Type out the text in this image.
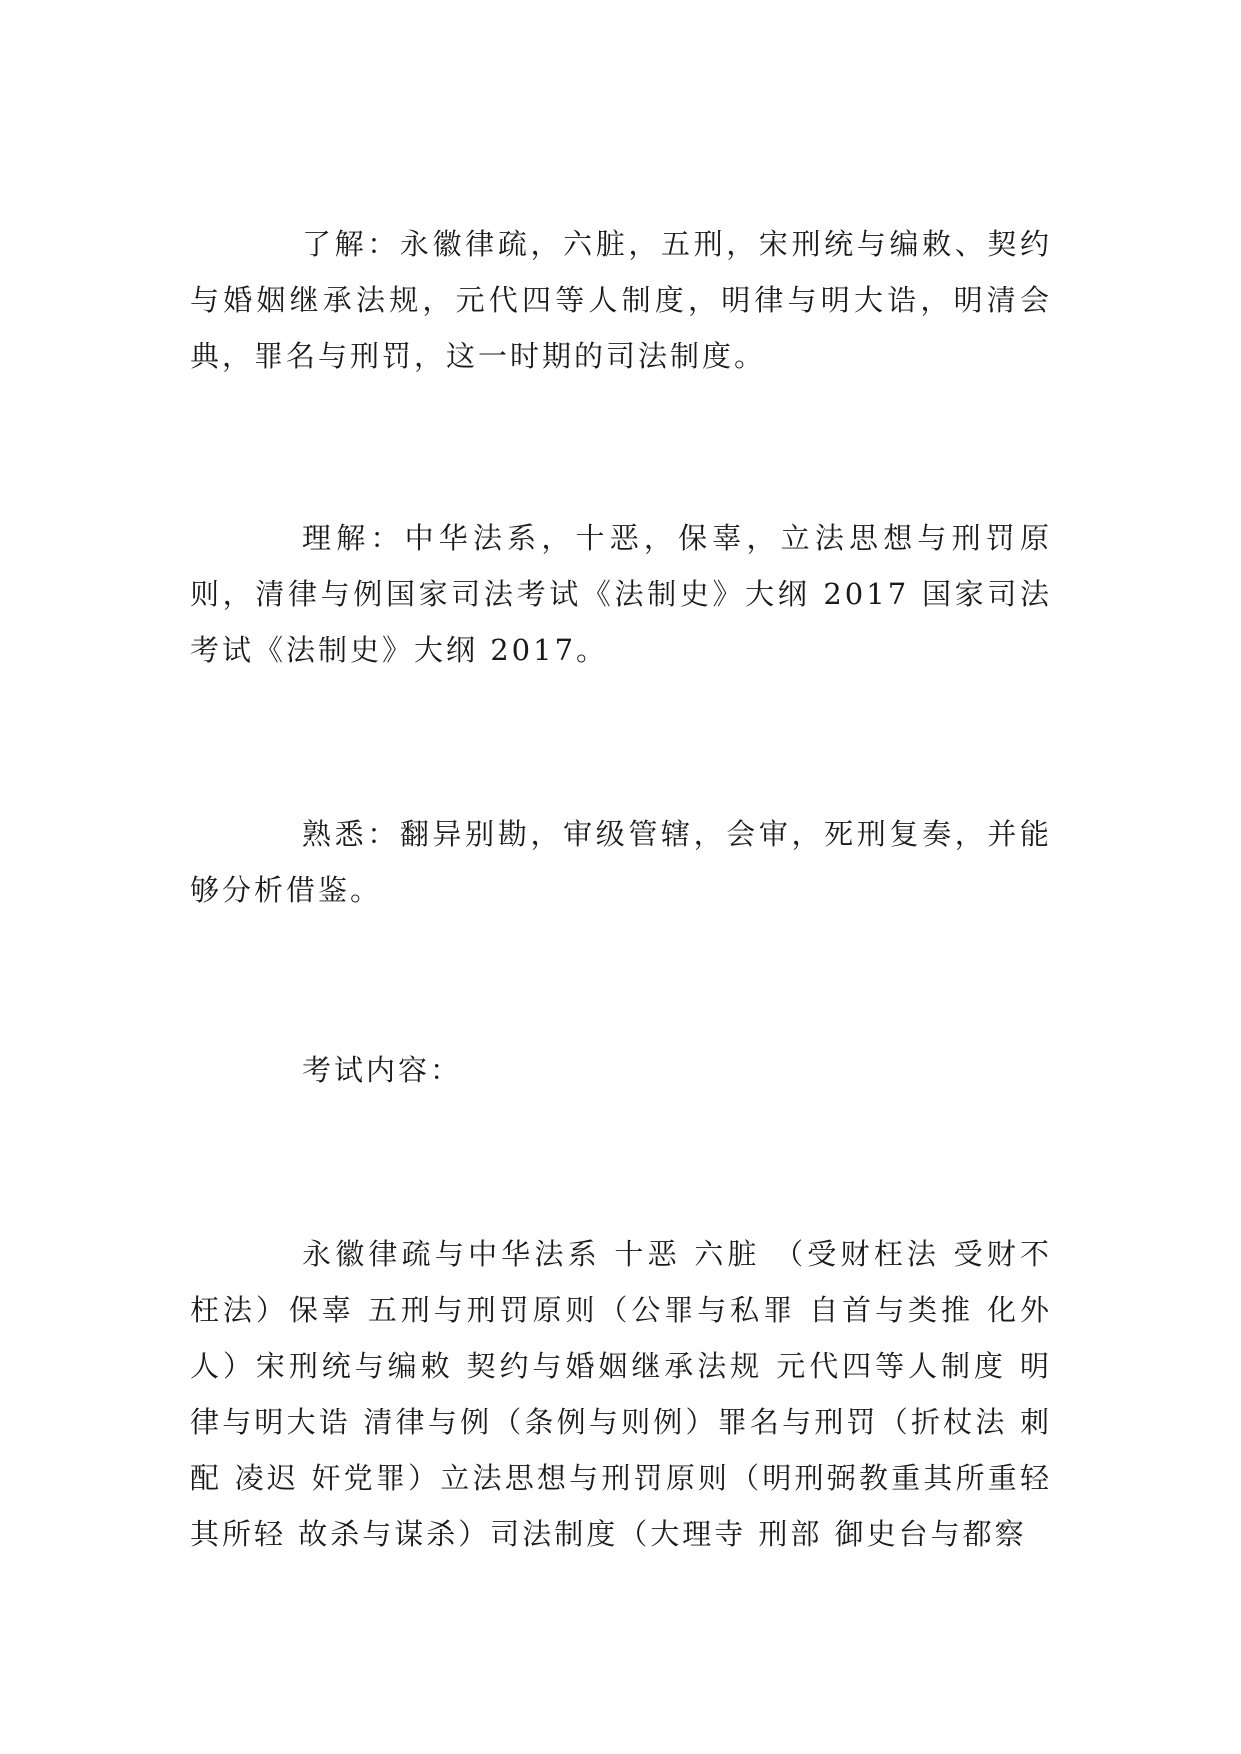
了解：永徽律疏，六脏，五刑，宋刑统与编敕、契约与婚姻继承法规，元代四等人制度，明律与明大诰，明清会典，罪名与刑罚，这一时期的司法制度。

理解：中华法系，十恶，保辜，立法思想与刑罚原则，清律与例国家司法考试《法制史》大纲 2017 国家司法考试《法制史》大纲 2017。

熟悉：翻异别勘，审级管辖，会审，死刑复奏，并能够分析借鉴。

考试内容：

永徽律疏与中华法系 十恶 六脏 （受财枉法 受财不枉法）保辜 五刑与刑罚原则（公罪与私罪 自首与类推 化外人）宋刑统与编敕 契约与婚姻继承法规 元代四等人制度 明律与明大诰 清律与例（条例与则例）罪名与刑罚（折杖法 刺配 凌迟 奸党罪）立法思想与刑罚原则（明刑弼教重其所重轻其所轻 故杀与谋杀）司法制度（大理寺 刑部 御史台与都察
